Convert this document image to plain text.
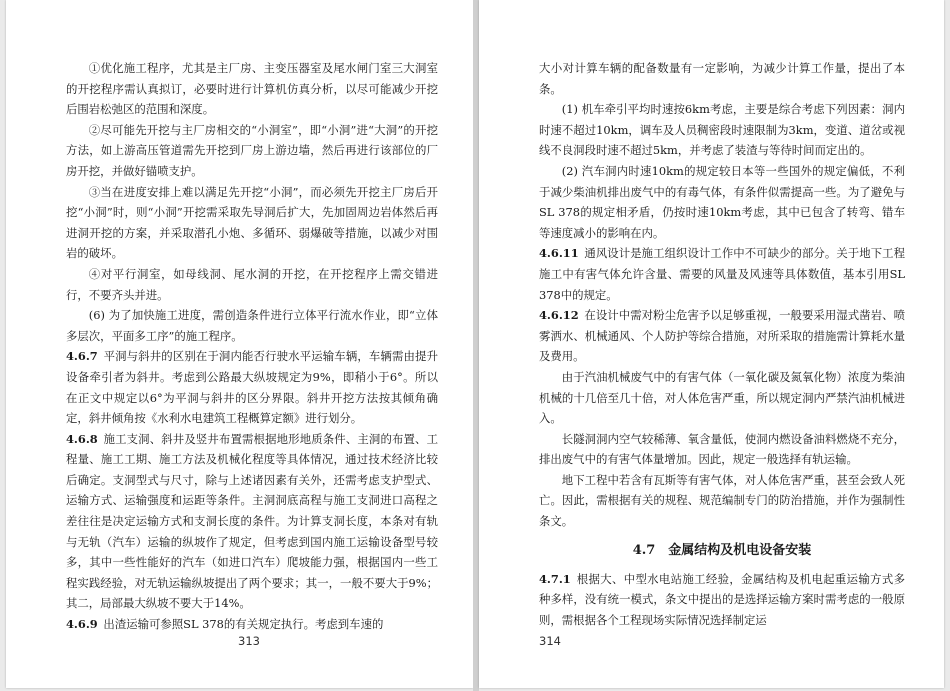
①优化施工程序，尤其是主厂房、主变压器室及尾水闸门室三大洞室的开挖程序需认真拟订，必要时进行计算机仿真分析，以尽可能减少开挖后围岩松弛区的范围和深度。

②尽可能先开挖与主厂房相交的“小洞室”，即“小洞”进“大洞”的开挖方法，如上游高压管道需先开挖到厂房上游边墙，然后再进行该部位的厂房开挖，并做好锚喷支护。

③当在进度安排上难以满足先开挖“小洞”，而必须先开挖主厂房后开挖“小洞”时，则“小洞”开挖需采取先导洞后扩大，先加固周边岩体然后再进洞开挖的方案，并采取潜孔小炮、多循环、弱爆破等措施，以减少对围岩的破坏。

④对平行洞室，如母线洞、尾水洞的开挖，在开挖程序上需交错进行，不要齐头并进。

(6) 为了加快施工进度，需创造条件进行立体平行流水作业，即“立体多层次，平面多工序”的施工程序。

4.6.7  平洞与斜井的区别在于洞内能否行驶水平运输车辆，车辆需由提升设备牵引者为斜井。考虑到公路最大纵坡规定为9%，即稍小于6°。所以在正文中规定以6°为平洞与斜井的区分界限。斜井开挖方法按其倾角确定，斜井倾角按《水利水电建筑工程概算定额》进行划分。

4.6.8  施工支洞、斜井及竖井布置需根据地形地质条件、主洞的布置、工程量、施工工期、施工方法及机械化程度等具体情况，通过技术经济比较后确定。支洞型式与尺寸，除与上述诸因素有关外，还需考虑支护型式、运输方式、运输强度和运距等条件。主洞洞底高程与施工支洞进口高程之差往往是决定运输方式和支洞长度的条件。为计算支洞长度，本条对有轨与无轨（汽车）运输的纵坡作了规定，但考虑到国内施工运输设备型号较多，其中一些性能好的汽车（如进口汽车）爬坡能力强，根据国内一些工程实践经验，对无轨运输纵坡提出了两个要求；其一，一般不要大于9%；其二，局部最大纵坡不要大于14%。

4.6.9  出渣运输可参照SL 378的有关规定执行。考虑到车速的

313

大小对计算车辆的配备数量有一定影响，为减少计算工作量，提出了本条。

(1) 机车牵引平均时速按6km考虑，主要是综合考虑下列因素：洞内时速不超过10km，调车及人员稠密段时速限制为3km，变道、道岔或视线不良洞段时速不超过5km，并考虑了装渣与等待时间而定出的。

(2) 汽车洞内时速10km的规定较日本等一些国外的规定偏低，不利于减少柴油机排出废气中的有毒气体，有条件似需提高一些。为了避免与SL 378的规定相矛盾，仍按时速10km考虑，其中已包含了转弯、错车等速度减小的影响在内。

4.6.11  通风设计是施工组织设计工作中不可缺少的部分。关于地下工程施工中有害气体允许含量、需要的风量及风速等具体数值，基本引用SL 378中的规定。

4.6.12  在设计中需对粉尘危害予以足够重视，一般要采用湿式凿岩、喷雾洒水、机械通风、个人防护等综合措施，对所采取的措施需计算耗水量及费用。

由于汽油机械废气中的有害气体（一氧化碳及氮氧化物）浓度为柴油机械的十几倍至几十倍，对人体危害严重，所以规定洞内严禁汽油机械进入。

长隧洞洞内空气较稀薄、氧含量低，使洞内燃设备油料燃烧不充分，排出废气中的有害气体量增加。因此，规定一般选择有轨运输。

地下工程中若含有瓦斯等有害气体，对人体危害严重，甚至会致人死亡。因此，需根据有关的规程、规范编制专门的防治措施，并作为强制性条文。

4.7　金属结构及机电设备安装

4.7.1  根据大、中型水电站施工经验，金属结构及机电起重运输方式多种多样，没有统一模式，条文中提出的是选择运输方案时需考虑的一般原则，需根据各个工程现场实际情况选择制定运

314
